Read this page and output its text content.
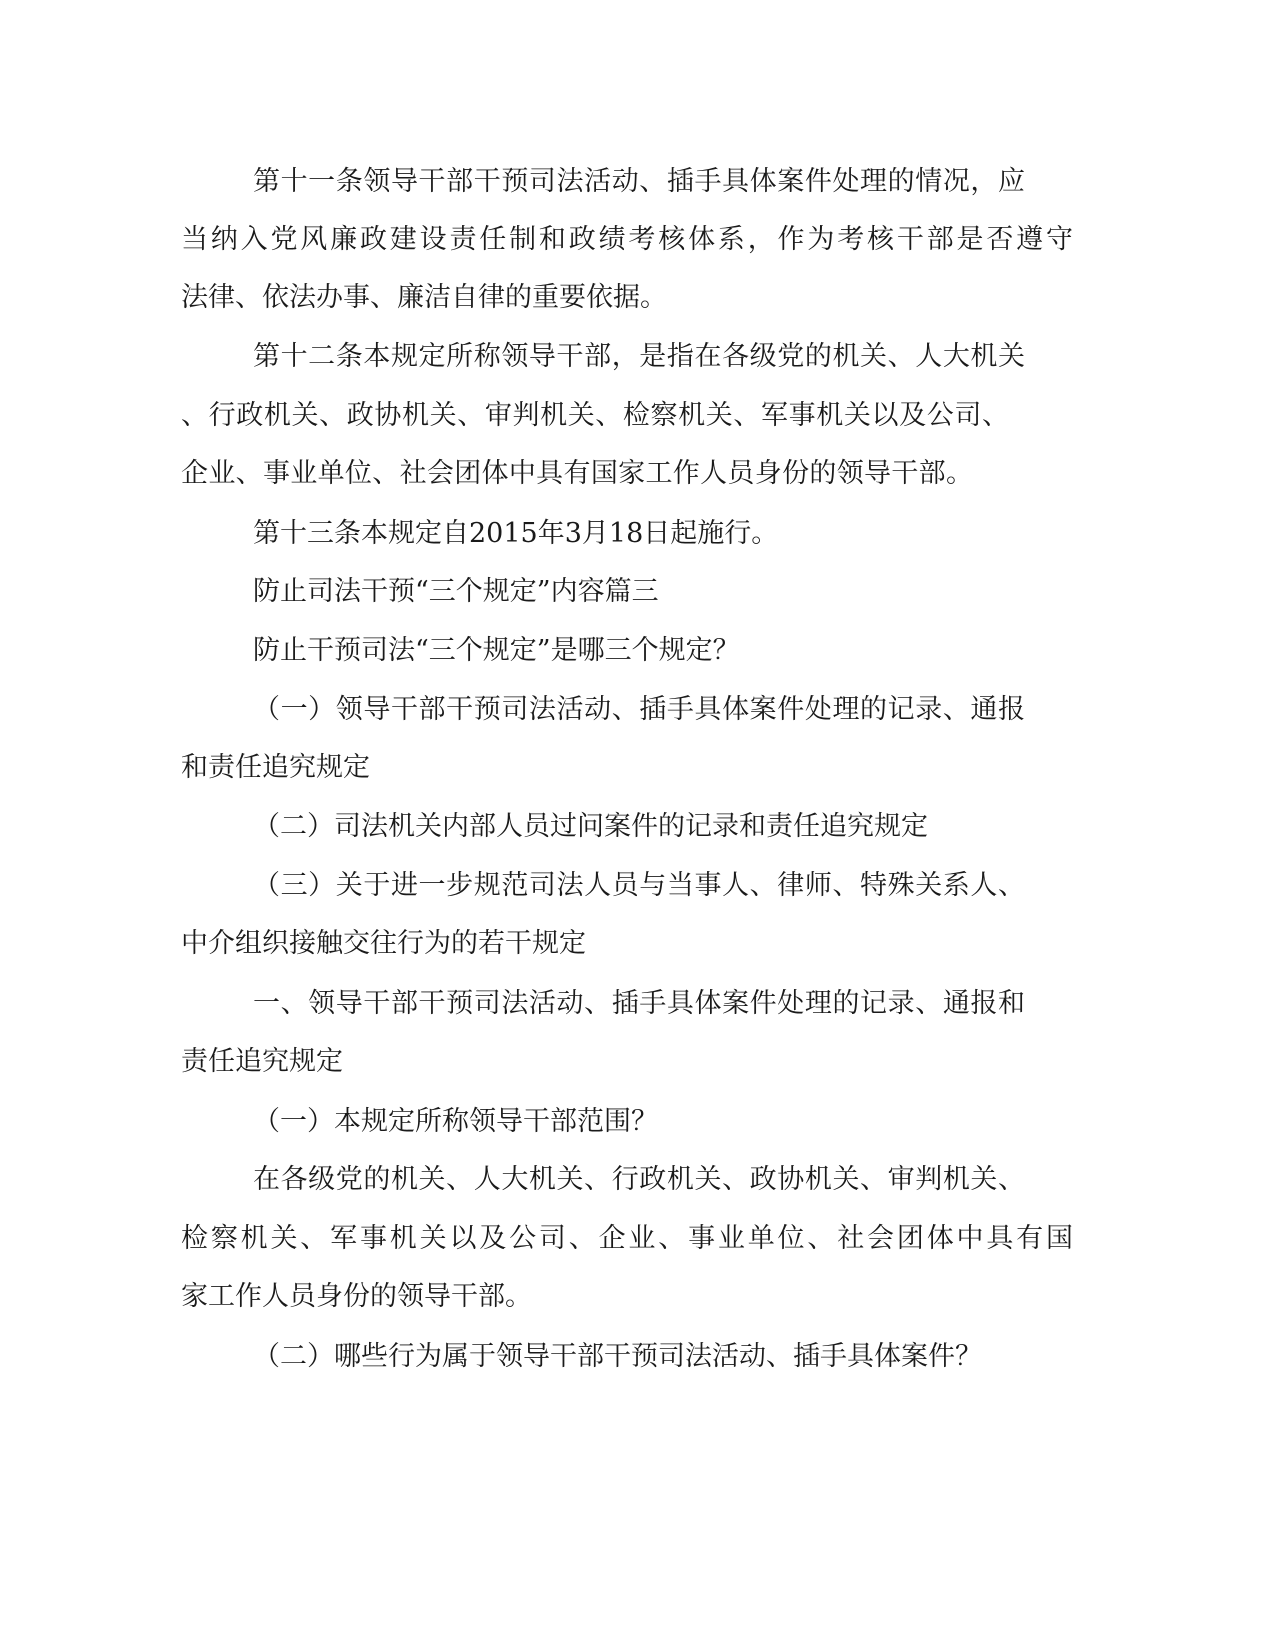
第十一条领导干部干预司法活动、插手具体案件处理的情况，应
当纳入党风廉政建设责任制和政绩考核体系，作为考核干部是否遵守
法律、依法办事、廉洁自律的重要依据。
第十二条本规定所称领导干部，是指在各级党的机关、人大机关
、行政机关、政协机关、审判机关、检察机关、军事机关以及公司、
企业、事业单位、社会团体中具有国家工作人员身份的领导干部。
第十三条本规定自2015年3月18日起施行。
防止司法干预“三个规定”内容篇三
防止干预司法“三个规定”是哪三个规定？
（一）领导干部干预司法活动、插手具体案件处理的记录、通报
和责任追究规定
（二）司法机关内部人员过问案件的记录和责任追究规定
（三）关于进一步规范司法人员与当事人、律师、特殊关系人、
中介组织接触交往行为的若干规定
一、领导干部干预司法活动、插手具体案件处理的记录、通报和
责任追究规定
（一）本规定所称领导干部范围？
在各级党的机关、人大机关、行政机关、政协机关、审判机关、
检察机关、军事机关以及公司、企业、事业单位、社会团体中具有国
家工作人员身份的领导干部。
（二）哪些行为属于领导干部干预司法活动、插手具体案件？
